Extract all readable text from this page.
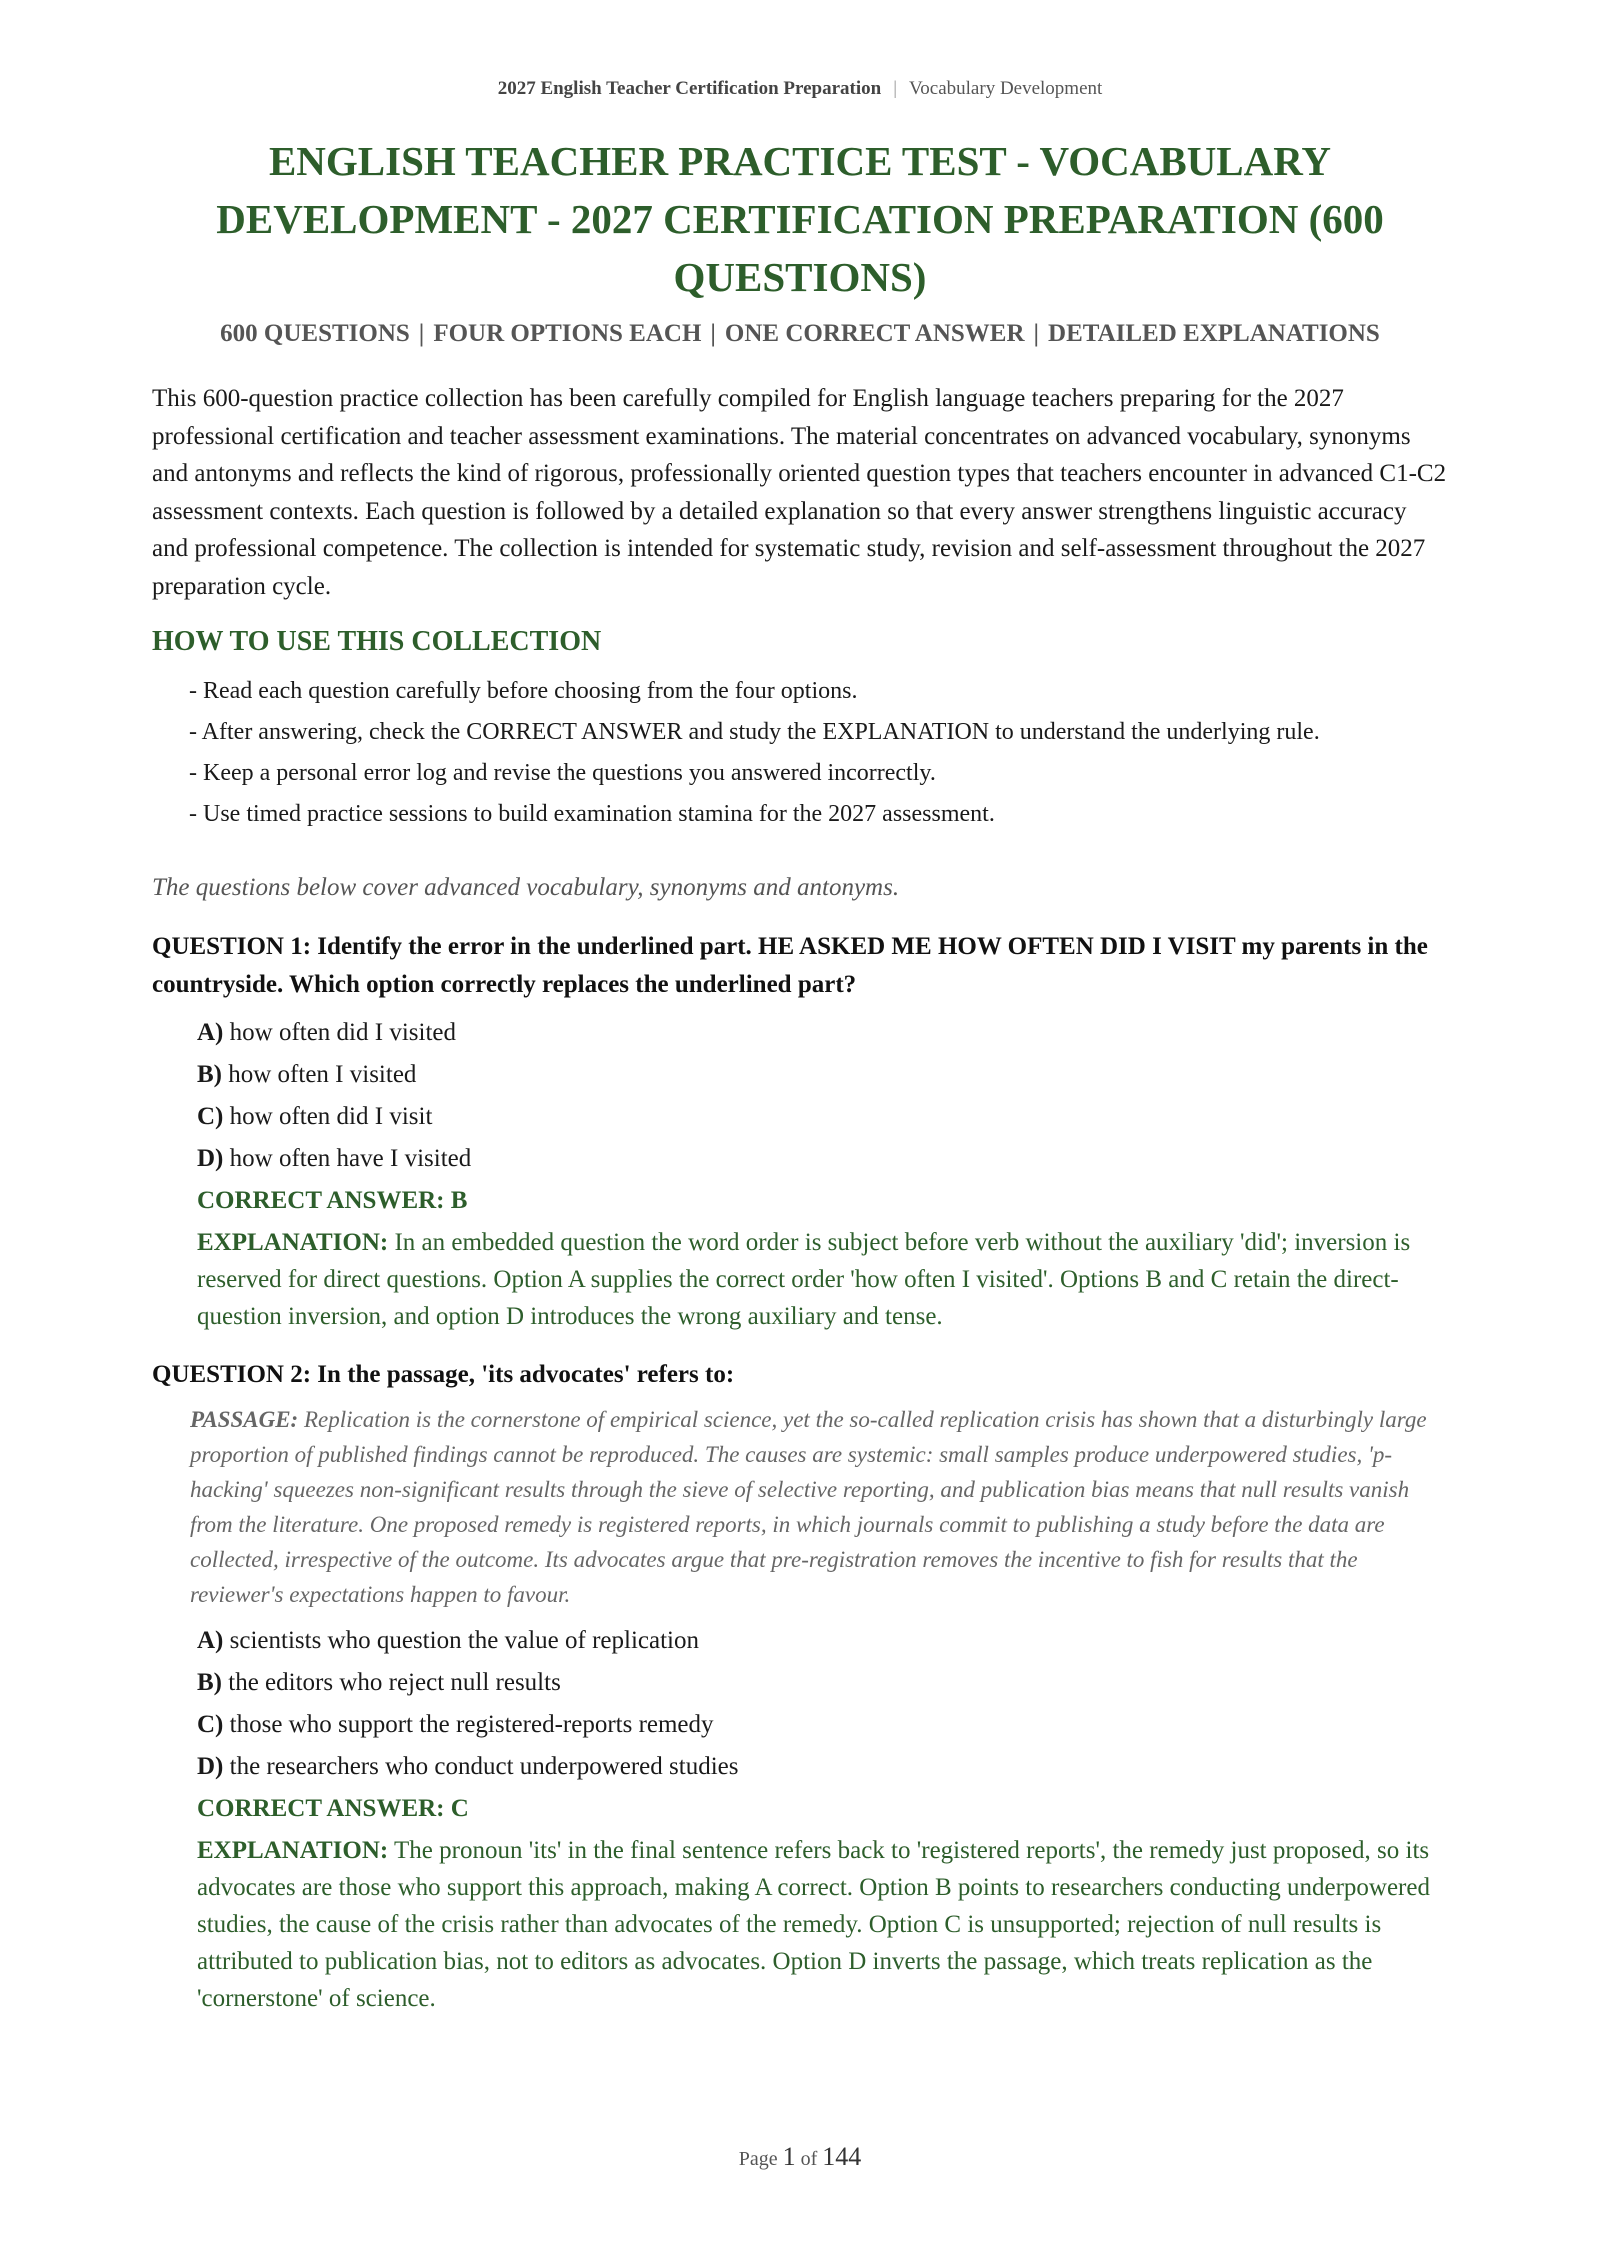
2027 English Teacher Certification Preparation | Vocabulary Development
ENGLISH TEACHER PRACTICE TEST - VOCABULARY DEVELOPMENT - 2027 CERTIFICATION PREPARATION (600 QUESTIONS)
600 QUESTIONS | FOUR OPTIONS EACH | ONE CORRECT ANSWER | DETAILED EXPLANATIONS

This 600-question practice collection has been carefully compiled for English language teachers preparing for the 2027 professional certification and teacher assessment examinations. The material concentrates on advanced vocabulary, synonyms and antonyms and reflects the kind of rigorous, professionally oriented question types that teachers encounter in advanced C1-C2 assessment contexts. Each question is followed by a detailed explanation so that every answer strengthens linguistic accuracy and professional competence. The collection is intended for systematic study, revision and self-assessment throughout the 2027 preparation cycle.

HOW TO USE THIS COLLECTION
- Read each question carefully before choosing from the four options.
- After answering, check the CORRECT ANSWER and study the EXPLANATION to understand the underlying rule.
- Keep a personal error log and revise the questions you answered incorrectly.
- Use timed practice sessions to build examination stamina for the 2027 assessment.
The questions below cover advanced vocabulary, synonyms and antonyms.
QUESTION 1: Identify the error in the underlined part. HE ASKED ME HOW OFTEN DID I VISIT my parents in the countryside. Which option correctly replaces the underlined part?
A) how often did I visited
B) how often I visited
C) how often did I visit
D) how often have I visited
CORRECT ANSWER: B
EXPLANATION: In an embedded question the word order is subject before verb without the auxiliary 'did'; inversion is reserved for direct questions. Option A supplies the correct order 'how often I visited'. Options B and C retain the direct-question inversion, and option D introduces the wrong auxiliary and tense.
QUESTION 2: In the passage, 'its advocates' refers to:
PASSAGE: Replication is the cornerstone of empirical science, yet the so-called replication crisis has shown that a disturbingly large proportion of published findings cannot be reproduced. The causes are systemic: small samples produce underpowered studies, 'p-hacking' squeezes non-significant results through the sieve of selective reporting, and publication bias means that null results vanish from the literature. One proposed remedy is registered reports, in which journals commit to publishing a study before the data are collected, irrespective of the outcome. Its advocates argue that pre-registration removes the incentive to fish for results that the reviewer's expectations happen to favour.
A) scientists who question the value of replication
B) the editors who reject null results
C) those who support the registered-reports remedy
D) the researchers who conduct underpowered studies
CORRECT ANSWER: C
EXPLANATION: The pronoun 'its' in the final sentence refers back to 'registered reports', the remedy just proposed, so its advocates are those who support this approach, making A correct. Option B points to researchers conducting underpowered studies, the cause of the crisis rather than advocates of the remedy. Option C is unsupported; rejection of null results is attributed to publication bias, not to editors as advocates. Option D inverts the passage, which treats replication as the 'cornerstone' of science.
Page 1 of 144
